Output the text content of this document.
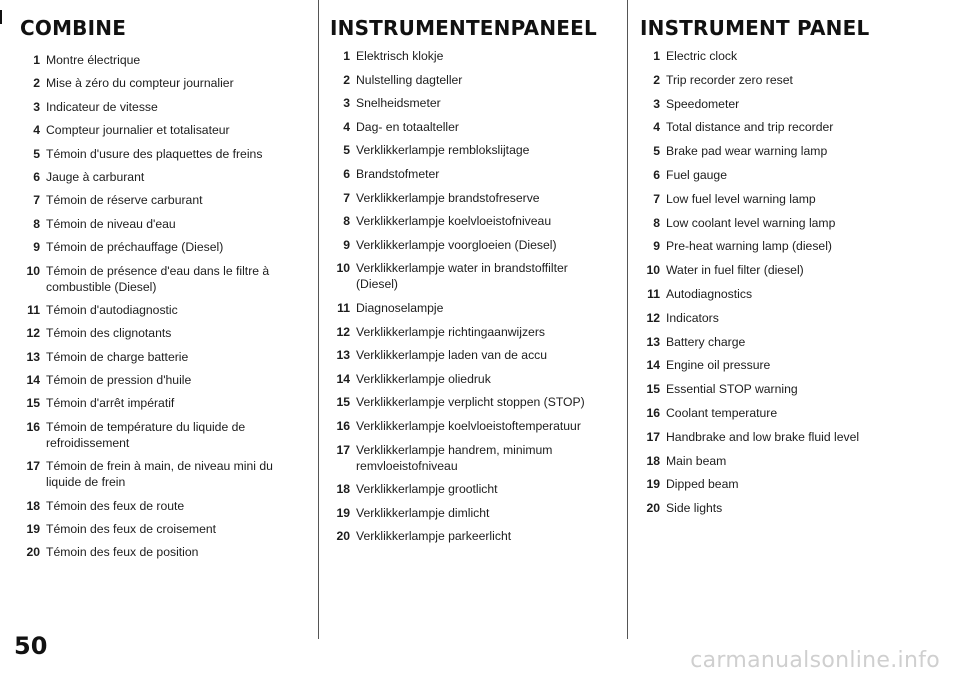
COMBINE
1 Montre électrique
2 Mise à zéro du compteur journalier
3 Indicateur de vitesse
4 Compteur journalier et totalisateur
5 Témoin d'usure des plaquettes de freins
6 Jauge à carburant
7 Témoin de réserve carburant
8 Témoin de niveau d'eau
9 Témoin de préchauffage (Diesel)
10 Témoin de présence d'eau dans le filtre à combustible (Diesel)
11 Témoin d'autodiagnostic
12 Témoin des clignotants
13 Témoin de charge batterie
14 Témoin de pression d'huile
15 Témoin d'arrêt impératif
16 Témoin de température du liquide de refroidissement
17 Témoin de frein à main, de niveau mini du liquide de frein
18 Témoin des feux de route
19 Témoin des feux de croisement
20 Témoin des feux de position
INSTRUMENTENPANEEL
1 Elektrisch klokje
2 Nulstelling dagteller
3 Snelheidsmeter
4 Dag- en totaalteller
5 Verklikkerlampje remblokslijtage
6 Brandstofmeter
7 Verklikkerlampje brandstofreserve
8 Verklikkerlampje koelvloeistofniveau
9 Verklikkerlampje voorgloeien (Diesel)
10 Verklikkerlampje water in brandstoffilter (Diesel)
11 Diagnoselampje
12 Verklikkerlampje richtingaanwijzers
13 Verklikkerlampje laden van de accu
14 Verklikkerlampje oliedruk
15 Verklikkerlampje verplicht stoppen (STOP)
16 Verklikkerlampje koelvloeistoftemperatuur
17 Verklikkerlampje handrem, minimum remvloeistofniveau
18 Verklikkerlampje grootlicht
19 Verklikkerlampje dimlicht
20 Verklikkerlampje parkeerlicht
INSTRUMENT PANEL
1 Electric clock
2 Trip recorder zero reset
3 Speedometer
4 Total distance and trip recorder
5 Brake pad wear warning lamp
6 Fuel gauge
7 Low fuel level warning lamp
8 Low coolant level warning lamp
9 Pre-heat warning lamp (diesel)
10 Water in fuel filter (diesel)
11 Autodiagnostics
12 Indicators
13 Battery charge
14 Engine oil pressure
15 Essential STOP warning
16 Coolant temperature
17 Handbrake and low brake fluid level
18 Main beam
19 Dipped beam
20 Side lights

50

carmanualsonline.info
